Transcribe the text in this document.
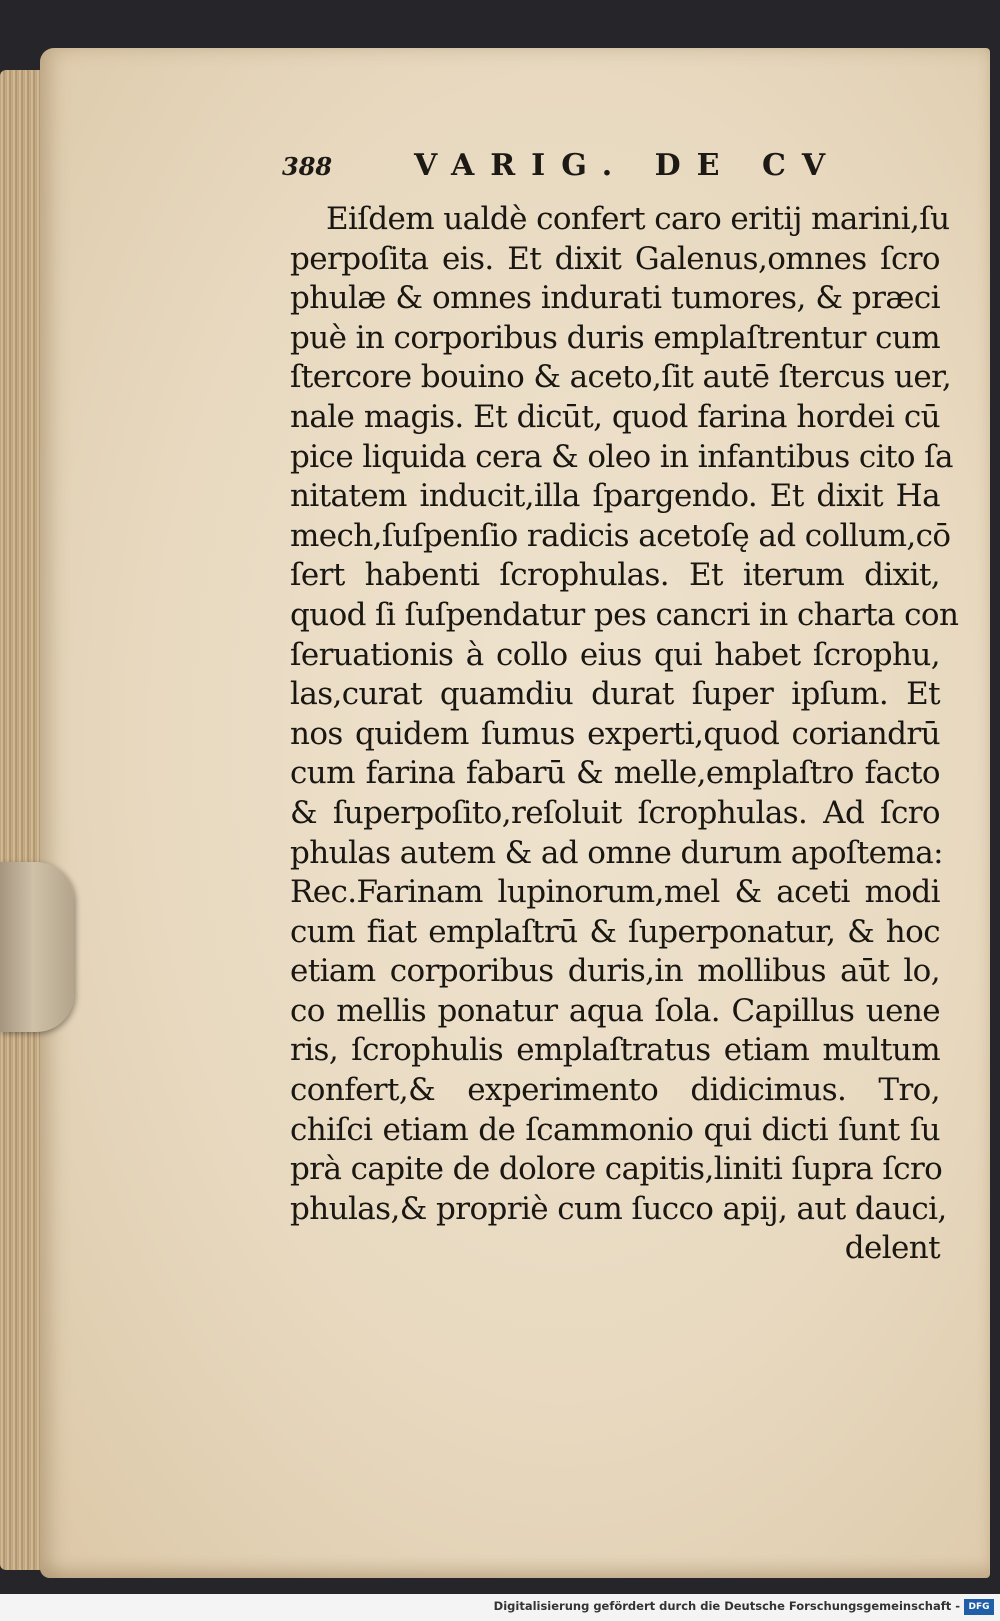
388	VARIG. DE CV
Eiſdem ualdè confert caro eritij marini,ſu
perpoſita eis. Et dixit Galenus,omnes ſcro
phulæ & omnes indurati tumores, & præci
puè in corporibus duris emplaſtrentur cum
ſtercore bouino & aceto,ſit autē ſtercus uer,
nale magis. Et dicūt, quod farina hordei cū
pice liquida cera & oleo in infantibus cito ſa
nitatem inducit,illa ſpargendo. Et dixit Ha
mech,ſuſpenſio radicis acetoſę ad collum,cō
ſert habenti ſcrophulas. Et iterum dixit,
quod ſi ſuſpendatur pes cancri in charta con
ſeruationis à collo eius qui habet ſcrophu,
las,curat quamdiu durat ſuper ipſum. Et
nos quidem ſumus experti,quod coriandrū
cum farina fabarū & melle,emplaſtro facto
& ſuperpoſito,reſoluit ſcrophulas. Ad ſcro
phulas autem & ad omne durum apoſtema:
Rec.Farinam lupinorum,mel & aceti modi
cum fiat emplaſtrū & ſuperponatur, & hoc
etiam corporibus duris,in mollibus aūt lo,
co mellis ponatur aqua ſola. Capillus uene
ris, ſcrophulis emplaſtratus etiam multum
confert,& experimento didicimus. Tro,
chiſci etiam de ſcammonio qui dicti ſunt ſu
prà capite de dolore capitis,liniti ſupra ſcro
phulas,& propriè cum ſucco apij, aut dauci,
delent
Digitalisierung gefördert durch die Deutsche Forschungsgemeinschaft - DFG
